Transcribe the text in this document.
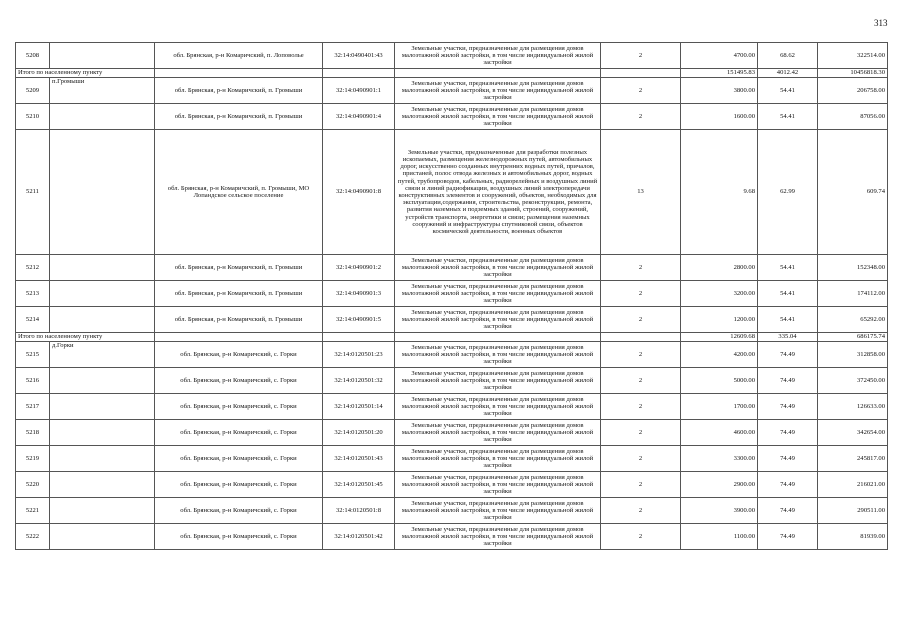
313
5208		обл. Брянская, р-н Комаричский, п. Лоповолье	32:14:0490401:43	Земельные участки, предназначенные для размещения домов малоэтажной жилой застройки, в том числе индивидуальной жилой застройки	2	4700.00	68.62	322514.00
Итого по населенному пункту						151495.83	4012.42	10456818.30
5209	п.Громыши	обл. Брянская, р-н Комаричский, п. Громыши	32:14:0490901:1	Земельные участки, предназначенные для размещения домов малоэтажной жилой застройки, в том числе индивидуальной жилой застройки	2	3800.00	54.41	206758.00
5210		обл. Брянская, р-н Комаричский, п. Громыши	32:14:0490901:4	Земельные участки, предназначенные для размещения домов малоэтажной жилой застройки, в том числе индивидуальной жилой застройки	2	1600.00	54.41	87056.00
5211		обл. Брянская, р-н Комаричский, п. Громыши, МО Лопандское сельское поселение	32:14:0490901:8	Земельные участки, предназначенные для разработки полезных ископаемых, размещения железнодорожных путей, автомобильных дорог, искусственно созданных внутренних водных путей, причалов, пристаней, полос отвода железных и автомобильных дорог, водных путей, трубопроводов, кабельных, радиорелейных и воздушных линий связи и линий радиофикации, воздушных линий электропередачи конструктивных элементов и сооружений, объектов, необходимых для эксплуатации,содержания, строительства, реконструкции, ремонта, развития наземных и подземных зданий, строений, сооружений, устройств транспорта, энергетики и связи; размещения наземных сооружений и инфраструктуры спутниковой связи, объектов космической деятельности, военных объектов	13	9.68	62.99	609.74
5212		обл. Брянская, р-н Комаричский, п. Громыши	32:14:0490901:2	Земельные участки, предназначенные для размещения домов малоэтажной жилой застройки, в том числе индивидуальной жилой застройки	2	2800.00	54.41	152348.00
5213		обл. Брянская, р-н Комаричский, п. Громыши	32:14:0490901:3	Земельные участки, предназначенные для размещения домов малоэтажной жилой застройки, в том числе индивидуальной жилой застройки	2	3200.00	54.41	174112.00
5214		обл. Брянская, р-н Комаричский, п. Громыши	32:14:0490901:5	Земельные участки, предназначенные для размещения домов малоэтажной жилой застройки, в том числе индивидуальной жилой застройки	2	1200.00	54.41	65292.00
Итого по населенному пункту						12609.68	335.04	686175.74
5215	д.Горки	обл. Брянская, р-н Комаричский, с. Горки	32:14:0120501:23	Земельные участки, предназначенные для размещения домов малоэтажной жилой застройки, в том числе индивидуальной жилой застройки	2	4200.00	74.49	312858.00
5216		обл. Брянская, р-н Комаричский, с. Горки	32:14:0120501:32	Земельные участки, предназначенные для размещения домов малоэтажной жилой застройки, в том числе индивидуальной жилой застройки	2	5000.00	74.49	372450.00
5217		обл. Брянская, р-н Комаричский, с. Горки	32:14:0120501:14	Земельные участки, предназначенные для размещения домов малоэтажной жилой застройки, в том числе индивидуальной жилой застройки	2	1700.00	74.49	126633.00
5218		обл. Брянская, р-н Комаричский, с. Горки	32:14:0120501:20	Земельные участки, предназначенные для размещения домов малоэтажной жилой застройки, в том числе индивидуальной жилой застройки	2	4600.00	74.49	342654.00
5219		обл. Брянская, р-н Комаричский, с. Горки	32:14:0120501:43	Земельные участки, предназначенные для размещения домов малоэтажной жилой застройки, в том числе индивидуальной жилой застройки	2	3300.00	74.49	245817.00
5220		обл. Брянская, р-н Комаричский, с. Горки	32:14:0120501:45	Земельные участки, предназначенные для размещения домов малоэтажной жилой застройки, в том числе индивидуальной жилой застройки	2	2900.00	74.49	216021.00
5221		обл. Брянская, р-н Комаричский, с. Горки	32:14:0120501:8	Земельные участки, предназначенные для размещения домов малоэтажной жилой застройки, в том числе индивидуальной жилой застройки	2	3900.00	74.49	290511.00
5222		обл. Брянская, р-н Комаричский, с. Горки	32:14:0120501:42	Земельные участки, предназначенные для размещения домов малоэтажной жилой застройки, в том числе индивидуальной жилой застройки	2	1100.00	74.49	81939.00
